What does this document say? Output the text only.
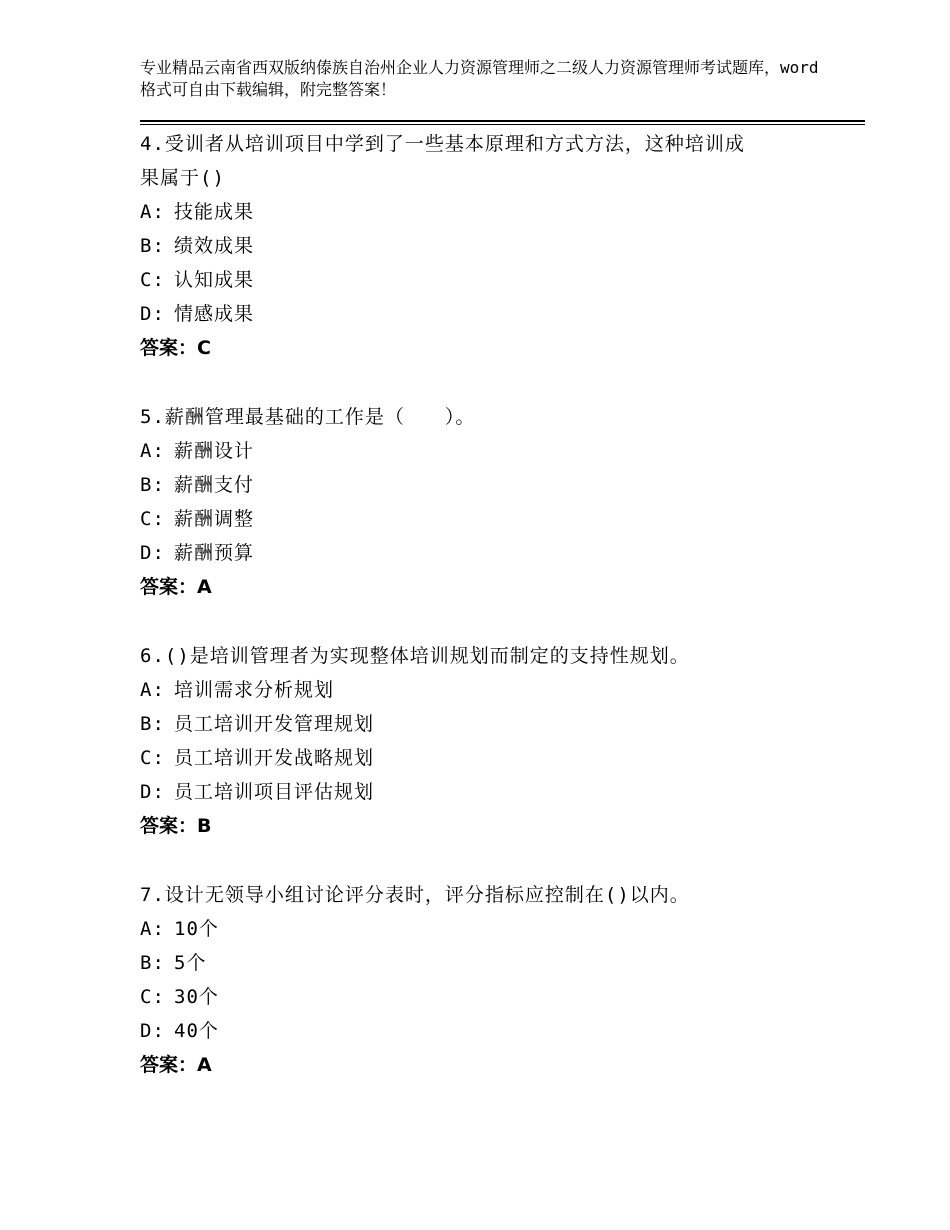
专业精品云南省西双版纳傣族自治州企业人力资源管理师之二级人力资源管理师考试题库，word格式可自由下载编辑，附完整答案！
4.受训者从培训项目中学到了一些基本原理和方式方法，这种培训成
果属于()
A: 技能成果
B: 绩效成果
C: 认知成果
D: 情感成果
答案：C
5.薪酬管理最基础的工作是（　　）。
A: 薪酬设计
B: 薪酬支付
C: 薪酬调整
D: 薪酬预算
答案：A
6.()是培训管理者为实现整体培训规划而制定的支持性规划。
A: 培训需求分析规划
B: 员工培训开发管理规划
C: 员工培训开发战略规划
D: 员工培训项目评估规划
答案：B
7.设计无领导小组讨论评分表时，评分指标应控制在()以内。
A: 10个
B: 5个
C: 30个
D: 40个
答案：A
